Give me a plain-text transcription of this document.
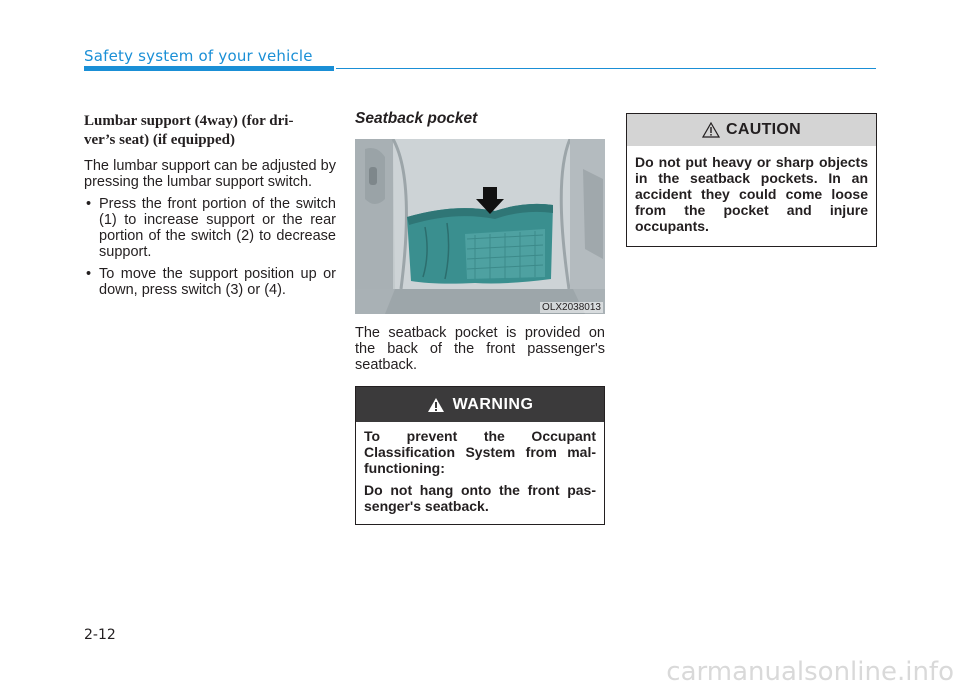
Safety system of your vehicle
Lumbar support (4way) (for dri-
ver’s seat) (if equipped)

The lumbar support can be adjusted by pressing the lumbar support switch.

• Press the front portion of the switch (1) to increase support or the rear portion of the switch (2) to decrease support.
• To move the support position up or down, press switch (3) or (4).
Seatback pocket
OLX2038013

The seatback pocket is provided on the back of the front passenger's seatback.

WARNING

To prevent the Occupant Classification System from mal-functioning:

Do not hang onto the front pas-senger's seatback.

CAUTION
Do not put heavy or sharp objects in the seatback pockets. In an accident they could come loose from the pocket and injure occupants.
2-12
carmanualsonline.info
